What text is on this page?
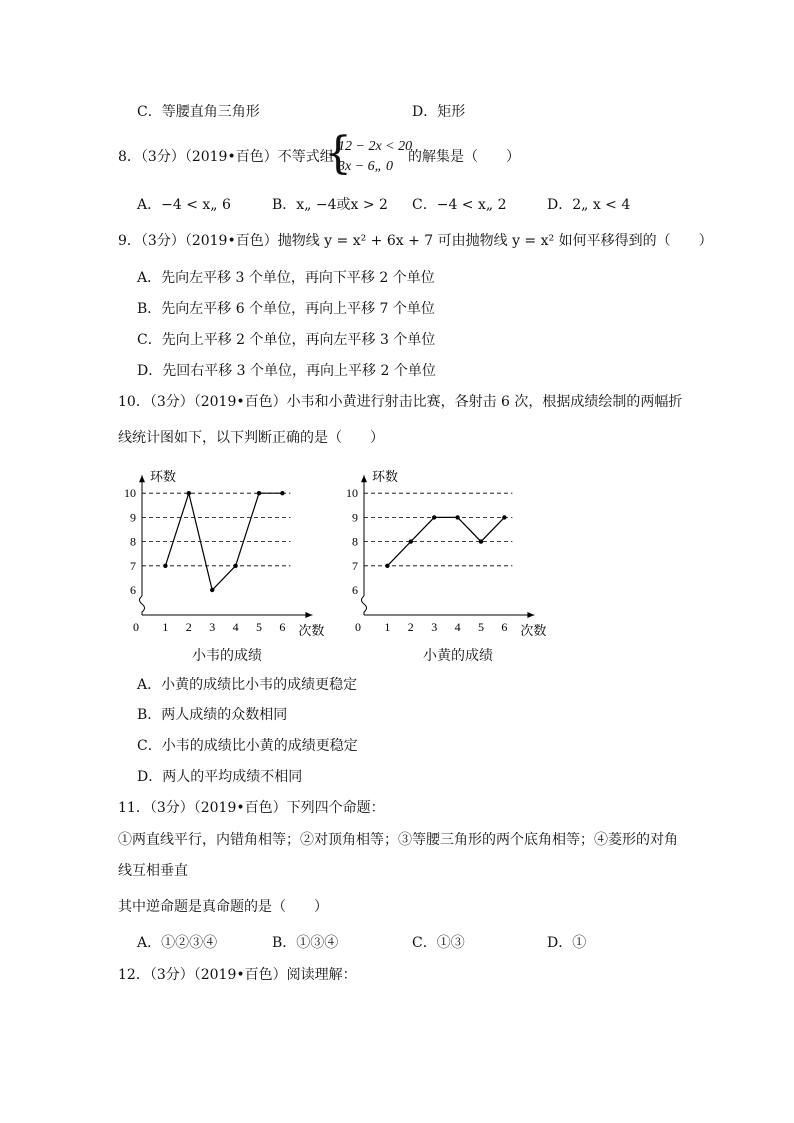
C．等腰直角三角形	D．矩形
8．（3分）（2019•百色）不等式组
{
12 − 2x < 20
3x − 6„ 0
的解集是（　　）
A．−4 < x„ 6	B．x„ −4或x > 2 C．−4 < x„ 2	D．2„ x < 4
9．（3分）（2019•百色）抛物线 y = x² + 6x + 7 可由抛物线 y = x² 如何平移得到的（　　）
A．先向左平移 3 个单位，再向下平移 2 个单位
B．先向左平移 6 个单位，再向上平移 7 个单位
C．先向上平移 2 个单位，再向左平移 3 个单位
D．先回右平移 3 个单位，再向上平移 2 个单位
10．（3分）（2019•百色）小韦和小黄进行射击比赛，各射击 6 次，根据成绩绘制的两幅折
线统计图如下，以下判断正确的是（　　）
6
7
8
9
10
0 1 2 3 4 5 6
环数
次数
6
7
8
9
10
0 1 2 3 4 5 6
环数
次数
小韦的成绩	小黄的成绩
A．小黄的成绩比小韦的成绩更稳定
B．两人成绩的众数相同
C．小韦的成绩比小黄的成绩更稳定
D．两人的平均成绩不相同
11．（3分）（2019•百色）下列四个命题：
①两直线平行，内错角相等；②对顶角相等；③等腰三角形的两个底角相等；④菱形的对角
线互相垂直
其中逆命题是真命题的是（　　）
A．①②③④	B．①③④	C．①③	D．①
12．（3分）（2019•百色）阅读理解：
